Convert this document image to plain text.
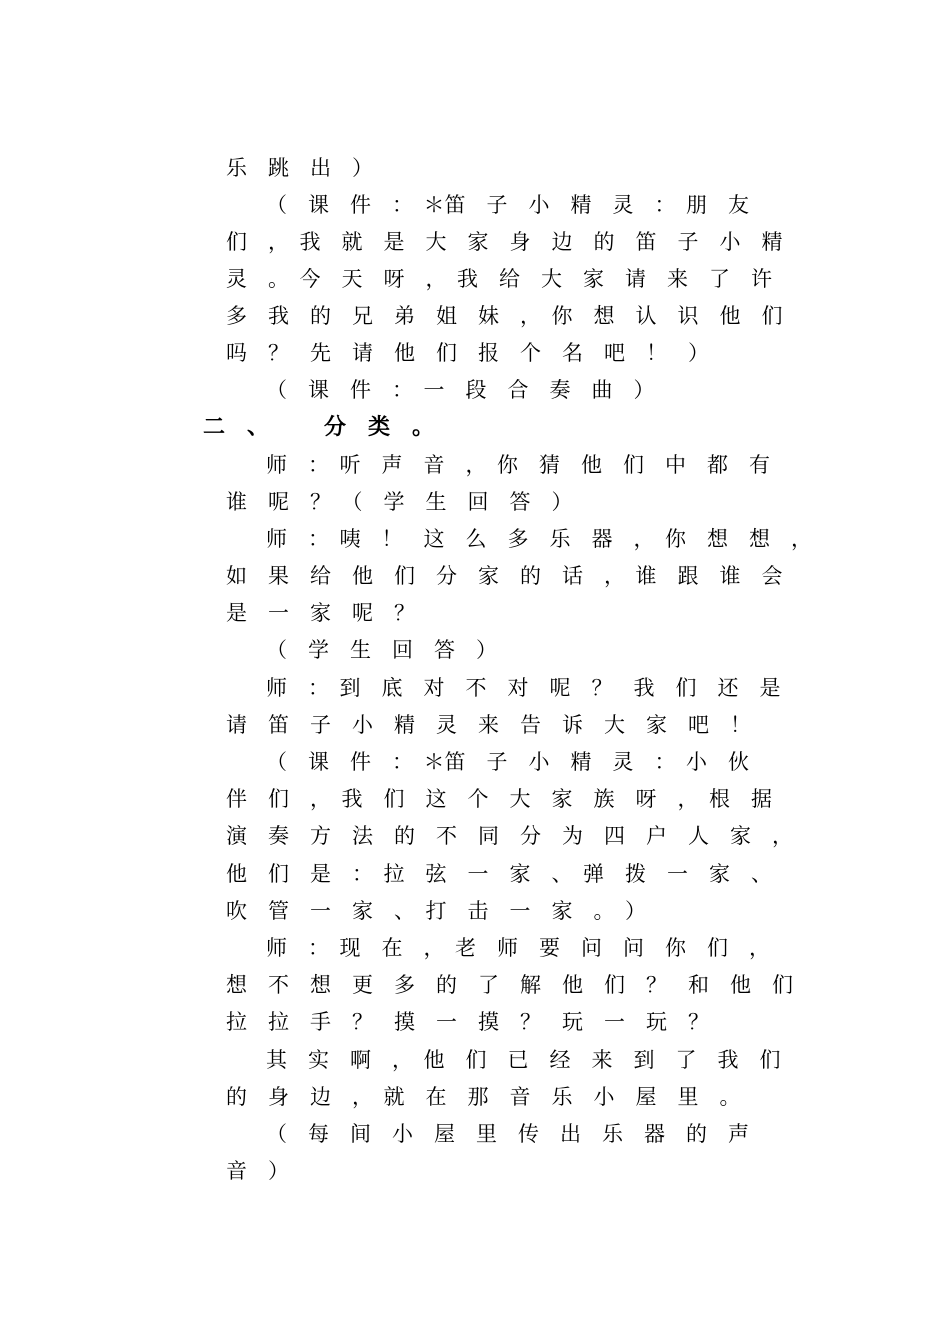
乐　跳　出　）
（　课　件　：　＊笛　子　小　精　灵　：　朋　友
们　，　我　就　是　大　家　身　边　的　笛　子　小　精
灵　。　今　天　呀　，　我　给　大　家　请　来　了　许
多　我　的　兄　弟　姐　妹　，　你　想　认　识　他　们
吗　？　先　请　他　们　报　个　名　吧　！　）
（　课　件　：　一　段　合　奏　曲　）
二　、　　　分　类　。
师　：　听　声　音　，　你　猜　他　们　中　都　有
谁　呢　？　（　学　生　回　答　）
师　：　咦　！　这　么　多　乐　器　，　你　想　想　，
如　果　给　他　们　分　家　的　话　，　谁　跟　谁　会
是　一　家　呢　？
（　学　生　回　答　）
师　：　到　底　对　不　对　呢　？　我　们　还　是
请　笛　子　小　精　灵　来　告　诉　大　家　吧　！
（　课　件　：　＊笛　子　小　精　灵　：　小　伙
伴　们　，　我　们　这　个　大　家　族　呀　，　根　据
演　奏　方　法　的　不　同　分　为　四　户　人　家　，
他　们　是　：　拉　弦　一　家　、　弹　拨　一　家　、
吹　管　一　家　、　打　击　一　家　。　）
师　：　现　在　，　老　师　要　问　问　你　们　，
想　不　想　更　多　的　了　解　他　们　？　和　他　们
拉　拉　手　？　摸　一　摸　？　玩　一　玩　？
其　实　啊　，　他　们　已　经　来　到　了　我　们
的　身　边　，　就　在　那　音　乐　小　屋　里　。
（　每　间　小　屋　里　传　出　乐　器　的　声
音　）
